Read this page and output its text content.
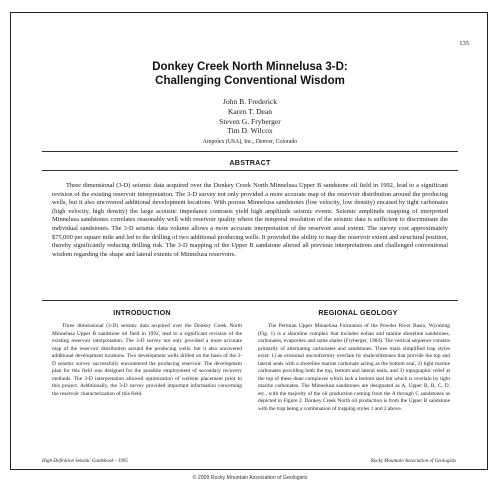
135
Donkey Creek North Minnelusa 3-D:
Challenging Conventional Wisdom
John B. Frederick
Karen T. Dean
Steven G. Fryberger
Tim D. Wilcox
Ampolex (USA), Inc., Denver, Colorado
ABSTRACT
Three dimensional (3-D) seismic data acquired over the Donkey Creek North Minnelusa Upper B sandstone oil field in 1992, lead to a significant revision of the existing reservoir interpretation. The 3-D survey not only provided a more accurate map of the reservoir distribution around the producing wells, but it also uncovered additional development locations. With porous Minnelusa sandstones (low velocity, low density) encased by tight carbonates (high velocity, high density) the large acoustic impedance contrasts yield high amplitude seismic events. Seismic amplitude mapping of interpreted Minnelusa sandstones correlates reasonably well with reservoir quality where the temporal resolution of the seismic data is sufficient to discriminate the individual sandstones. The 3-D seismic data volume allows a more accurate interpretation of the reservoir areal extent. The survey cost approximately $75,000 per square mile and led to the drilling of two additional producing wells. It provided the ability to map the reservoir extent and structural position, thereby significantly reducing drilling risk. The 3-D mapping of the Upper B sandstone altered all previous interpretations and challenged conventional wisdom regarding the shape and lateral extents of Minnelusa reservoirs.
INTRODUCTION	REGIONAL GEOLOGY
Three dimensional (3-D) seismic data acquired over the Donkey Creek North Minnelusa Upper B sandstone oil field in 1992, lead to a significant revision of the existing reservoir interpretation. The 3-D survey not only provided a more accurate map of the reservoir distribution around the producing wells, but it also uncovered additional development locations. Two development wells drilled on the basis of the 3-D seismic survey successfully encountered the producing reservoir. The development plan for this field was designed for the possible employment of secondary recovery methods. The 3-D interpretation allowed optimization of wellsite placement prior to this project. Additionally, the 3-D survey provided important information concerning the reservoir characterization of this field.
The Permian Upper Minnelusa Formation of the Powder River Basin, Wyoming (Fig. 1) is a shoreline complex that includes eolian and marine shoreline sandstones, carbonates, evaporites and some shales (Fryberger, 1984). The vertical sequence consists primarily of alternating carbonates and sandstones. Three main simplified trap styles exist: 1) an erosional unconformity overlain by shale/siltstones that provide the top and lateral seals with a shoreline marine carbonate acting as the bottom seal, 2) tight marine carbonates providing both the top, bottom and lateral seals, and 3) topographic relief at the top of these dune complexes which lack a bottom seal but which is overlain by tight marine carbonates. The Minnelusa sandstones are designated as A, Upper B, B, C, D, etc., with the majority of the oil production coming from the A through C sandstones as depicted in Figure 2. Donkey Creek North oil production is from the Upper B sandstone with the trap being a combination of trapping styles 1 and 2 above.
High-Definition Seismic Guidebook - 1995	Rocky Mountain Association of Geologists
© 2009 Rocky Mountain Association of Geologists
